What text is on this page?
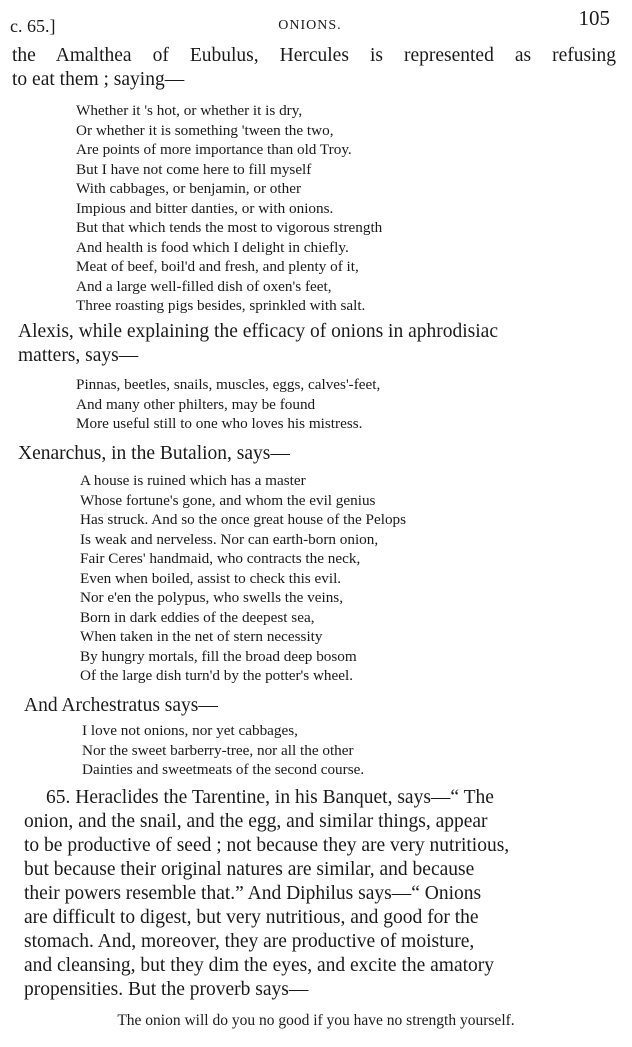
c. 65.]	ONIONS.	105
the Amalthea of Eubulus, Hercules is represented as refusing
to eat them ; saying—
Whether it 's hot, or whether it is dry,
Or whether it is something 'tween the two,
Are points of more importance than old Troy.
But I have not come here to fill myself
With cabbages, or benjamin, or other
Impious and bitter danties, or with onions.
But that which tends the most to vigorous strength
And health is food which I delight in chiefly.
Meat of beef, boil'd and fresh, and plenty of it,
And a large well-filled dish of oxen's feet,
Three roasting pigs besides, sprinkled with salt.
Alexis, while explaining the efficacy of onions in aphrodisiac
matters, says—
Pinnas, beetles, snails, muscles, eggs, calves'-feet,
And many other philters, may be found
More useful still to one who loves his mistress.
Xenarchus, in the Butalion, says—
A house is ruined which has a master
Whose fortune's gone, and whom the evil genius
Has struck. And so the once great house of the Pelops
Is weak and nerveless. Nor can earth-born onion,
Fair Ceres' handmaid, who contracts the neck,
Even when boiled, assist to check this evil.
Nor e'en the polypus, who swells the veins,
Born in dark eddies of the deepest sea,
When taken in the net of stern necessity
By hungry mortals, fill the broad deep bosom
Of the large dish turn'd by the potter's wheel.
And Archestratus says—
I love not onions, nor yet cabbages,
Nor the sweet barberry-tree, nor all the other
Dainties and sweetmeats of the second course.
65. Heraclides the Tarentine, in his Banquet, says—“ The
onion, and the snail, and the egg, and similar things, appear
to be productive of seed ; not because they are very nutritious,
but because their original natures are similar, and because
their powers resemble that.” And Diphilus says—“ Onions
are difficult to digest, but very nutritious, and good for the
stomach. And, moreover, they are productive of moisture,
and cleansing, but they dim the eyes, and excite the amatory
propensities. But the proverb says—
The onion will do you no good if you have no strength yourself.
